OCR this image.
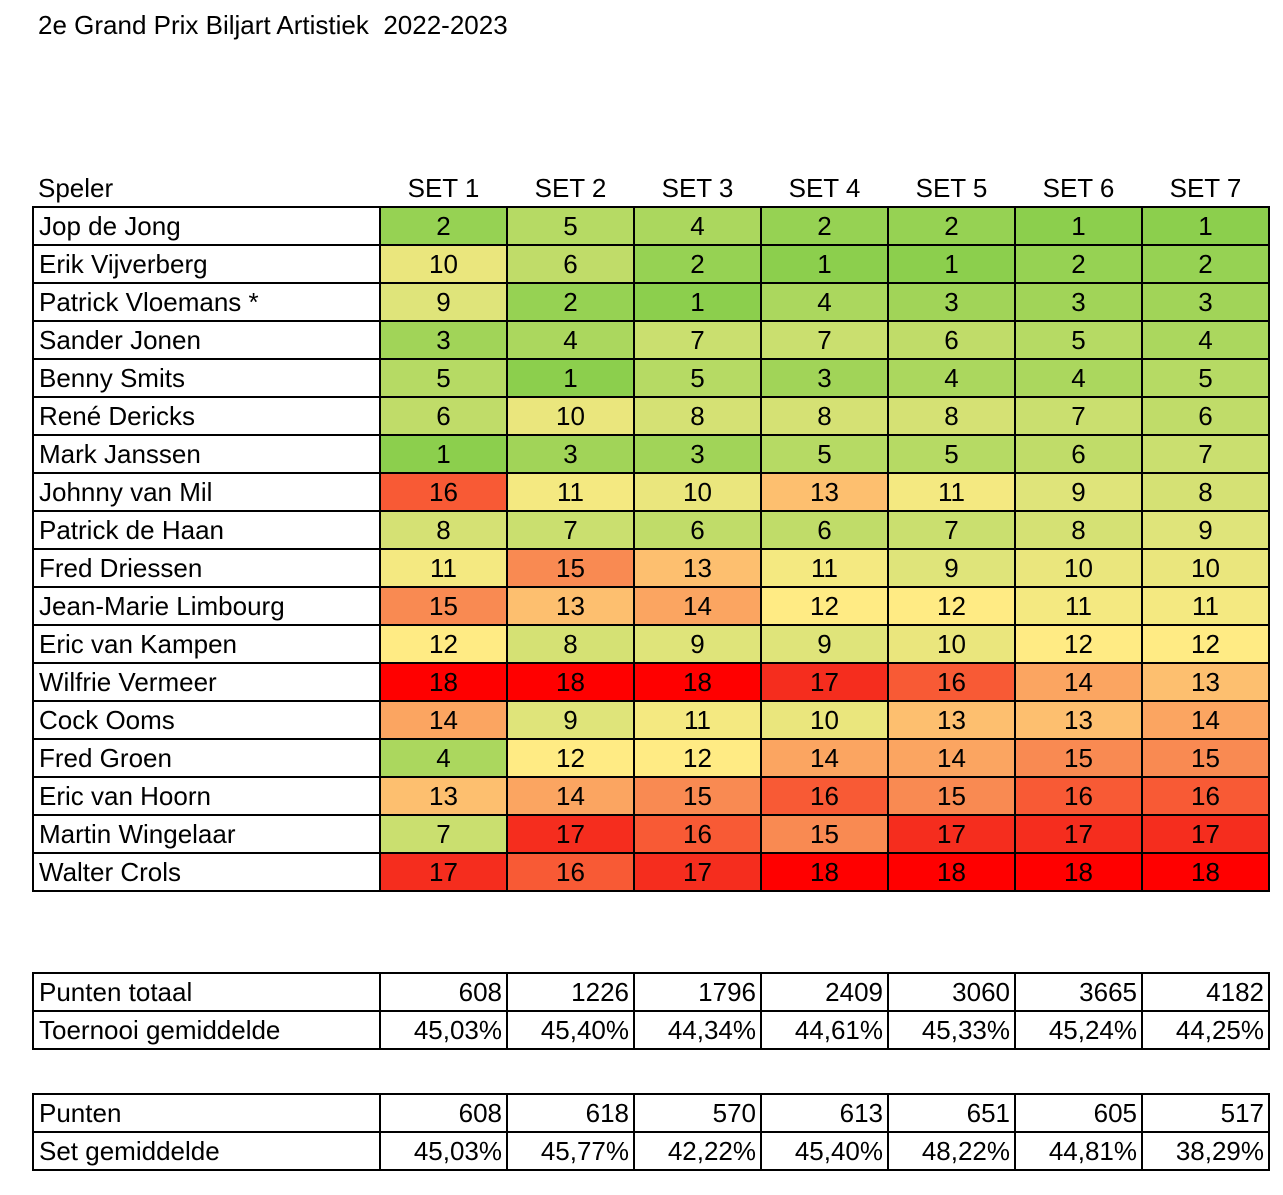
2e Grand Prix Biljart Artistiek  2022-2023
Speler	SET 1	SET 2	SET 3	SET 4	SET 5	SET 6	SET 7
Jop de Jong	2	5	4	2	2	1	1
Erik Vijverberg	10	6	2	1	1	2	2
Patrick Vloemans *	9	2	1	4	3	3	3
Sander Jonen	3	4	7	7	6	5	4
Benny Smits	5	1	5	3	4	4	5
René Dericks	6	10	8	8	8	7	6
Mark Janssen	1	3	3	5	5	6	7
Johnny van Mil	16	11	10	13	11	9	8
Patrick de Haan	8	7	6	6	7	8	9
Fred Driessen	11	15	13	11	9	10	10
Jean-Marie Limbourg	15	13	14	12	12	11	11
Eric van Kampen	12	8	9	9	10	12	12
Wilfrie Vermeer	18	18	18	17	16	14	13
Cock Ooms	14	9	11	10	13	13	14
Fred Groen	4	12	12	14	14	15	15
Eric van Hoorn	13	14	15	16	15	16	16
Martin Wingelaar	7	17	16	15	17	17	17
Walter Crols	17	16	17	18	18	18	18
Punten totaal	608	1226	1796	2409	3060	3665	4182
Toernooi gemiddelde	45,03%	45,40%	44,34%	44,61%	45,33%	45,24%	44,25%
Punten	608	618	570	613	651	605	517
Set gemiddelde	45,03%	45,77%	42,22%	45,40%	48,22%	44,81%	38,29%
